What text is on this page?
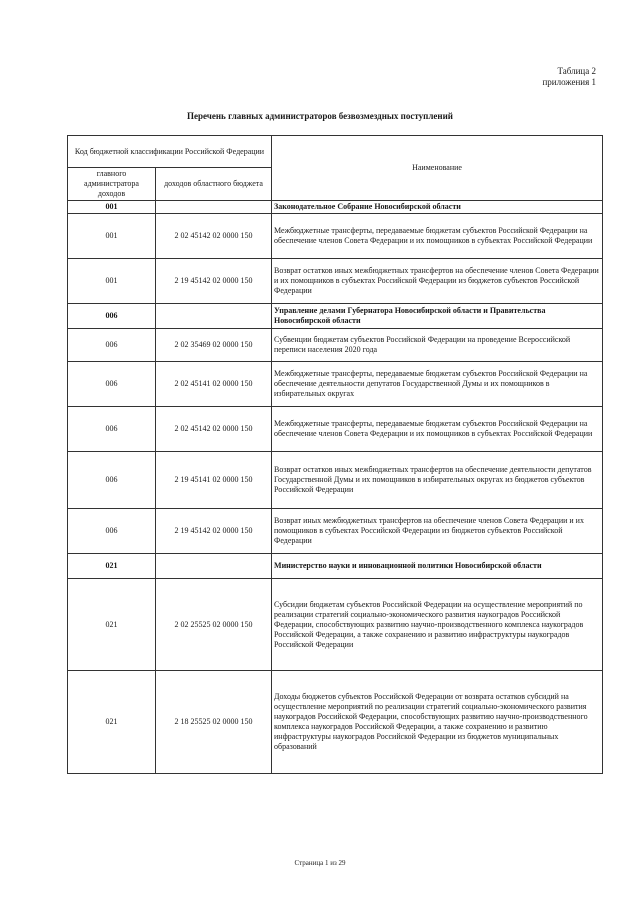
Таблица 2
приложения 1
Перечень главных администраторов безвозмездных поступлений
Код бюджетной классификации Российской Федерации		Наименование
главного администратора доходов	доходов областного бюджета	
001		Законодательное Собрание Новосибирской области
001	2 02 45142 02 0000 150	Межбюджетные трансферты, передаваемые бюджетам субъектов Российской Федерации на обеспечение членов Совета Федерации и их помощников в субъектах Российской Федерации
001	2 19 45142 02 0000 150	Возврат остатков иных межбюджетных трансфертов на обеспечение членов Совета Федерации и их помощников в субъектах Российской Федерации из бюджетов субъектов Российской Федерации
006		Управление делами Губернатора Новосибирской области и Правительства Новосибирской области
006	2 02 35469 02 0000 150	Субвенции бюджетам субъектов Российской Федерации на проведение Всероссийской переписи населения 2020 года
006	2 02 45141 02 0000 150	Межбюджетные трансферты, передаваемые бюджетам субъектов Российской Федерации на обеспечение деятельности депутатов Государственной Думы и их помощников в избирательных округах
006	2 02 45142 02 0000 150	Межбюджетные трансферты, передаваемые бюджетам субъектов Российской Федерации на обеспечение членов Совета Федерации и их помощников в субъектах Российской Федерации
006	2 19 45141 02 0000 150	Возврат остатков иных межбюджетных трансфертов на обеспечение деятельности депутатов Государственной Думы и их помощников в избирательных округах из бюджетов субъектов Российской Федерации
006	2 19 45142 02 0000 150	Возврат иных межбюджетных трансфертов на обеспечение членов Совета Федерации и их помощников в субъектах Российской Федерации из бюджетов субъектов Российской Федерации
021		Министерство науки и инновационной политики Новосибирской области
021	2 02 25525 02 0000 150	Субсидии бюджетам субъектов Российской Федерации на осуществление мероприятий по реализации стратегий социально-экономического развития наукоградов Российской Федерации, способствующих развитию научно-производственного комплекса наукоградов Российской Федерации, а также сохранению и развитию инфраструктуры наукоградов Российской Федерации
021	2 18 25525 02 0000 150	Доходы бюджетов субъектов Российской Федерации от возврата остатков субсидий на осуществление мероприятий по реализации стратегий социально-экономического развития наукоградов Российской Федерации, способствующих развитию научно-производственного комплекса наукоградов Российской Федерации, а также сохранению и развитию инфраструктуры наукоградов Российской Федерации из бюджетов муниципальных образований
Страница 1 из 29
